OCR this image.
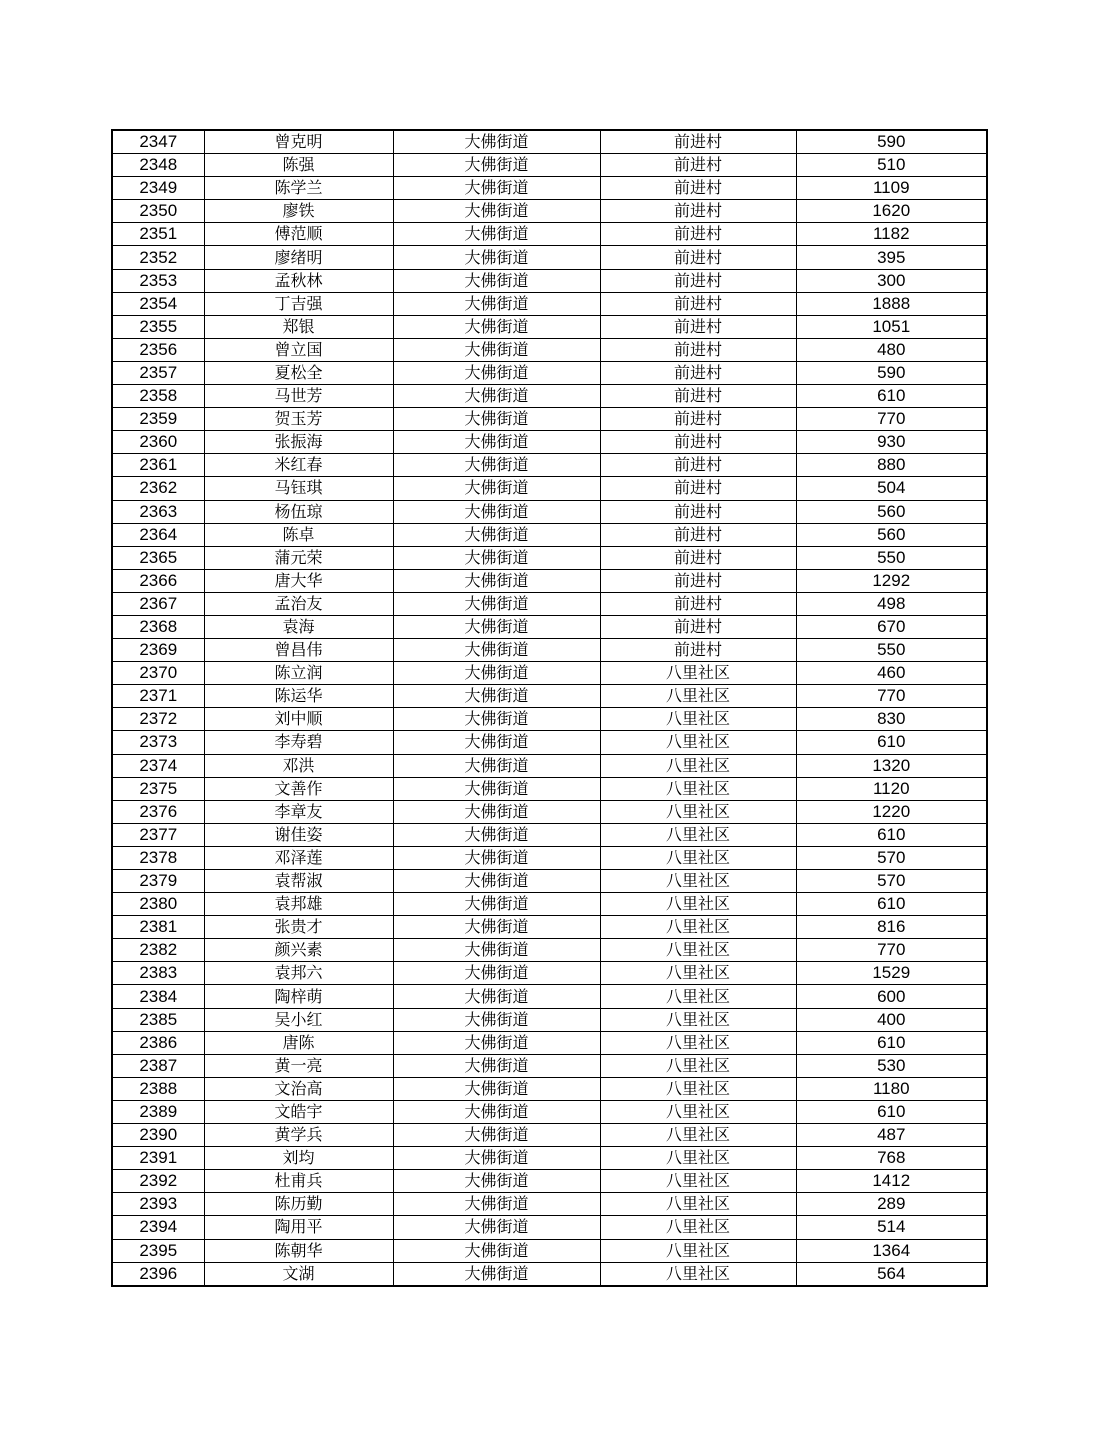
2347	曾克明	大佛街道	前进村	590
2348	陈强	大佛街道	前进村	510
2349	陈学兰	大佛街道	前进村	1109
2350	廖铁	大佛街道	前进村	1620
2351	傅范顺	大佛街道	前进村	1182
2352	廖绪明	大佛街道	前进村	395
2353	孟秋林	大佛街道	前进村	300
2354	丁吉强	大佛街道	前进村	1888
2355	郑银	大佛街道	前进村	1051
2356	曾立国	大佛街道	前进村	480
2357	夏松全	大佛街道	前进村	590
2358	马世芳	大佛街道	前进村	610
2359	贺玉芳	大佛街道	前进村	770
2360	张振海	大佛街道	前进村	930
2361	米红春	大佛街道	前进村	880
2362	马钰琪	大佛街道	前进村	504
2363	杨伍琼	大佛街道	前进村	560
2364	陈卓	大佛街道	前进村	560
2365	蒲元荣	大佛街道	前进村	550
2366	唐大华	大佛街道	前进村	1292
2367	孟治友	大佛街道	前进村	498
2368	袁海	大佛街道	前进村	670
2369	曾昌伟	大佛街道	前进村	550
2370	陈立润	大佛街道	八里社区	460
2371	陈运华	大佛街道	八里社区	770
2372	刘中顺	大佛街道	八里社区	830
2373	李寿碧	大佛街道	八里社区	610
2374	邓洪	大佛街道	八里社区	1320
2375	文善作	大佛街道	八里社区	1120
2376	李章友	大佛街道	八里社区	1220
2377	谢佳姿	大佛街道	八里社区	610
2378	邓泽莲	大佛街道	八里社区	570
2379	袁帮淑	大佛街道	八里社区	570
2380	袁邦雄	大佛街道	八里社区	610
2381	张贵才	大佛街道	八里社区	816
2382	颜兴素	大佛街道	八里社区	770
2383	袁邦六	大佛街道	八里社区	1529
2384	陶梓萌	大佛街道	八里社区	600
2385	吴小红	大佛街道	八里社区	400
2386	唐陈	大佛街道	八里社区	610
2387	黄一亮	大佛街道	八里社区	530
2388	文治高	大佛街道	八里社区	1180
2389	文皓宇	大佛街道	八里社区	610
2390	黄学兵	大佛街道	八里社区	487
2391	刘均	大佛街道	八里社区	768
2392	杜甫兵	大佛街道	八里社区	1412
2393	陈历勤	大佛街道	八里社区	289
2394	陶用平	大佛街道	八里社区	514
2395	陈朝华	大佛街道	八里社区	1364
2396	文湖	大佛街道	八里社区	564
